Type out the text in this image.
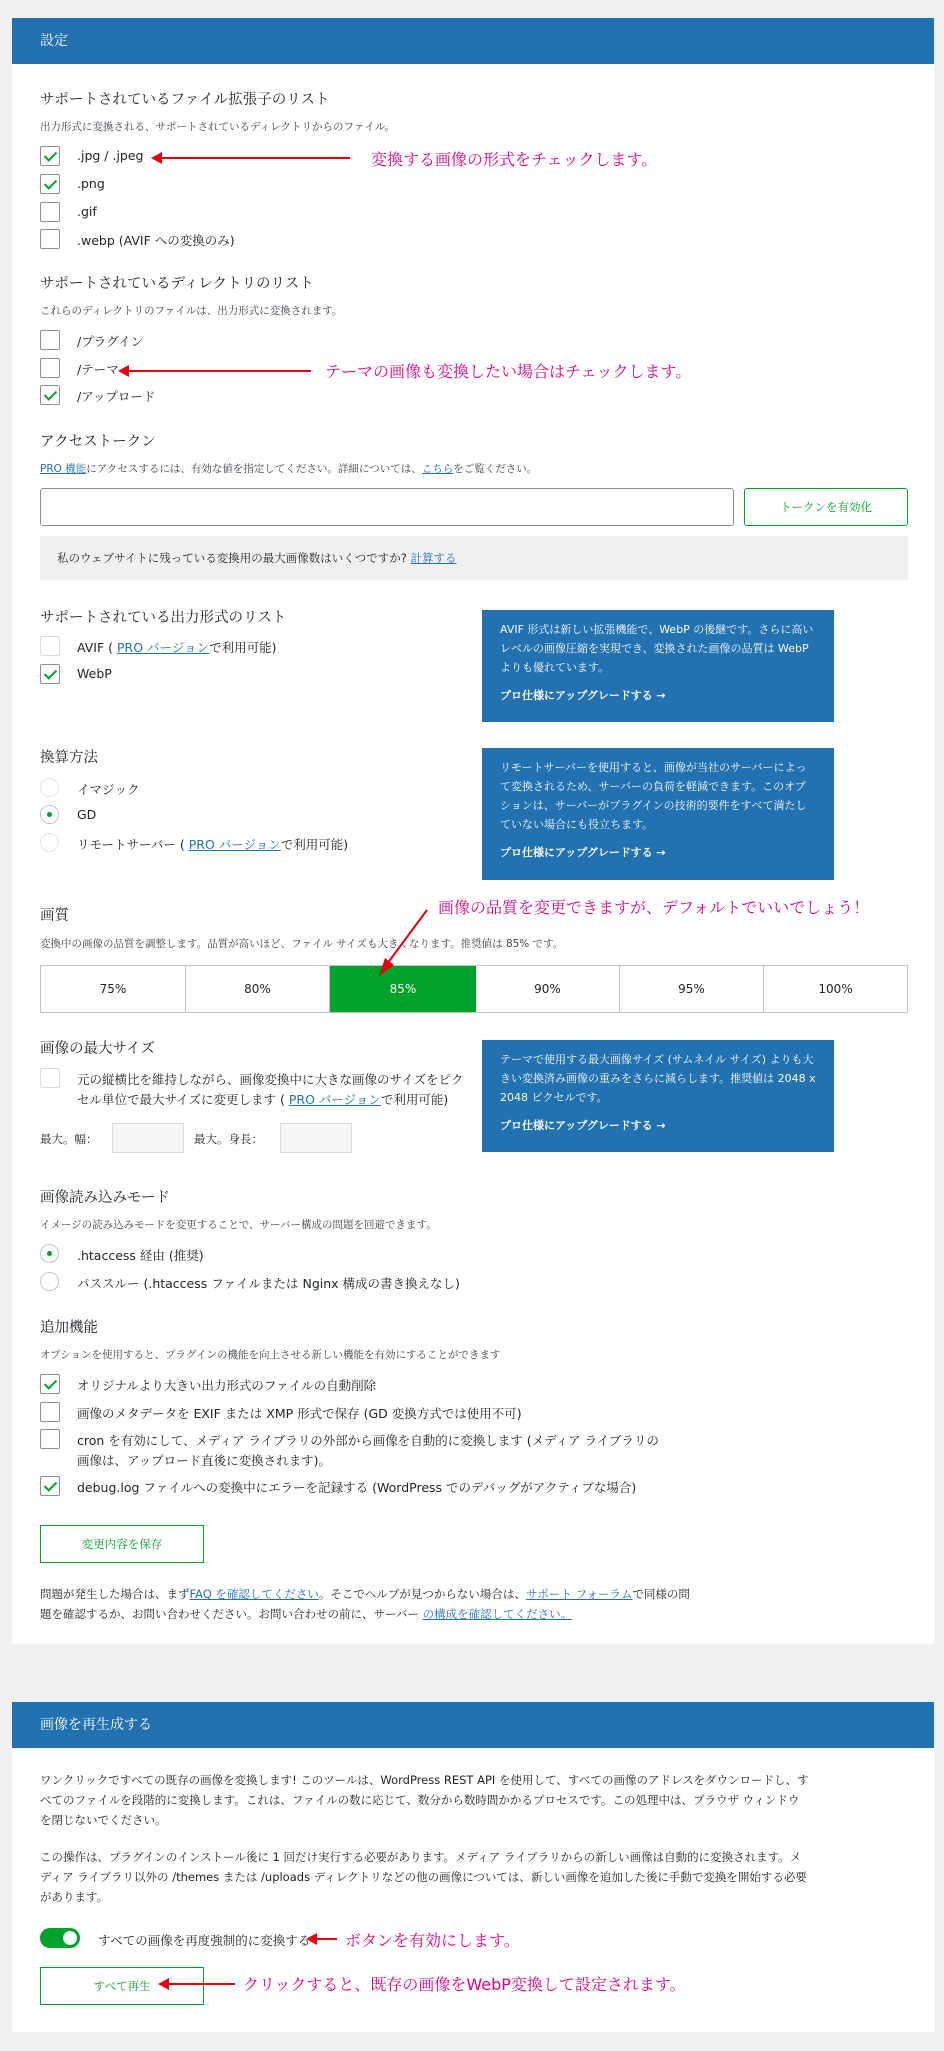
設定
サポートされているファイル拡張子のリスト
出力形式に変換される、サポートされているディレクトリからのファイル。
.jpg / .jpeg
.png
.gif
.webp (AVIF への変換のみ)
サポートされているディレクトリのリスト
これらのディレクトリのファイルは、出力形式に変換されます。
/プラグイン
/テーマ
/アップロード
アクセストークン
PRO 機能にアクセスするには、有効な値を指定してください。詳細については、こちらをご覧ください。
トークンを有効化
私のウェブサイトに残っている変換用の最大画像数はいくつですか? 計算する
サポートされている出力形式のリスト
AVIF ( PRO バージョンで利用可能)
WebP
AVIF 形式は新しい拡張機能で、WebP の後継です。さらに高いレベルの画像圧縮を実現でき、変換された画像の品質は WebP よりも優れています。
プロ仕様にアップグレードする →
換算方法
イマジック
GD
リモートサーバー ( PRO バージョンで利用可能)
リモートサーバーを使用すると、画像が当社のサーバーによって変換されるため、サーバーの負荷を軽減できます。このオプションは、サーバーがプラグインの技術的要件をすべて満たしていない場合にも役立ちます。
プロ仕様にアップグレードする →
画質
変換中の画像の品質を調整します。品質が高いほど、ファイル サイズも大きくなります。推奨値は 85% です。
75%	80%	85%	90%	95%	100%
画像の最大サイズ
元の縦横比を維持しながら、画像変換中に大きな画像のサイズをピク
セル単位で最大サイズに変更します ( PRO バージョンで利用可能)
最大。幅：	最大。身長：
テーマで使用する最大画像サイズ (サムネイル サイズ) よりも大きい変換済み画像の重みをさらに減らします。推奨値は 2048 x 2048 ピクセルです。
プロ仕様にアップグレードする →
画像読み込みモード
イメージの読み込みモードを変更することで、サーバー構成の問題を回避できます。
.htaccess 経由 (推奨)
パススルー (.htaccess ファイルまたは Nginx 構成の書き換えなし)
追加機能
オプションを使用すると、プラグインの機能を向上させる新しい機能を有効にすることができます
オリジナルより大きい出力形式のファイルの自動削除
画像のメタデータを EXIF または XMP 形式で保存 (GD 変換方式では使用不可)
cron を有効にして、メディア ライブラリの外部から画像を自動的に変換します (メディア ライブラリの
画像は、アップロード直後に変換されます)。
debug.log ファイルへの変換中にエラーを記録する (WordPress でのデバッグがアクティブな場合)
変更内容を保存
問題が発生した場合は、まずFAQ を確認してください。そこでヘルプが見つからない場合は、サポート フォーラムで同様の問
題を確認するか、お問い合わせください。お問い合わせの前に、サーバー の構成を確認してください。
画像を再生成する
ワンクリックですべての既存の画像を変換します! このツールは、WordPress REST API を使用して、すべての画像のアドレスをダウンロードし、すべてのファイルを段階的に変換します。これは、ファイルの数に応じて、数分から数時間かかるプロセスです。この処理中は、ブラウザ ウィンドウを閉じないでください。
この操作は、プラグインのインストール後に 1 回だけ実行する必要があります。メディア ライブラリからの新しい画像は自動的に変換されます。メディア ライブラリ以外の /themes または /uploads ディレクトリなどの他の画像については、新しい画像を追加した後に手動で変換を開始する必要があります。
すべての画像を再度強制的に変換する
すべて再生
変換する画像の形式をチェックします。
テーマの画像も変換したい場合はチェックします。
画像の品質を変更できますが、デフォルトでいいでしょう！
ボタンを有効にします。
クリックすると、既存の画像をWebP変換して設定されます。
